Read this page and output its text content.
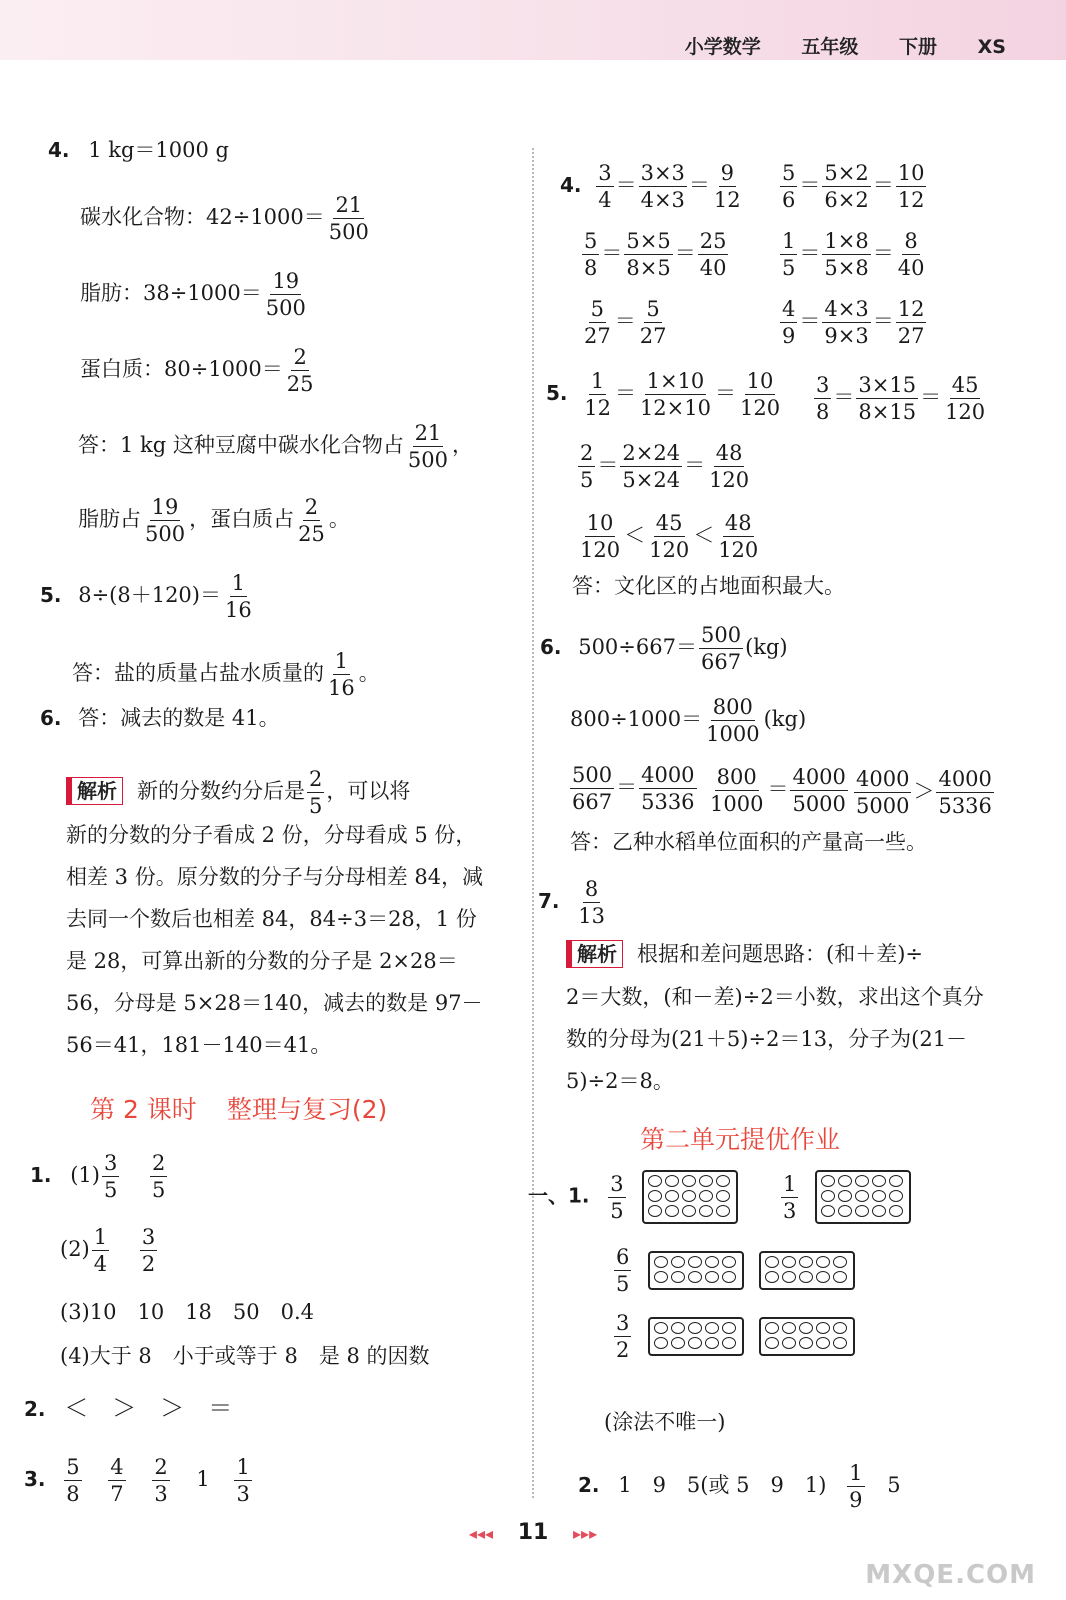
小学数学 五年级 下册 XS
4. 1 kg＝1000 g
碳水化合物：$42\div 1000= \frac{21}{500}$
脂肪：$38\div 1000= \frac{19}{500}$
蛋白质：$80\div 1000= \frac{2}{25}$
答：1 kg 这种豆腐中碳水化合物占 $\frac{21}{500}$ ，
脂肪占 $\frac{19}{500}$ ，蛋白质占 $\frac{2}{25}$ 。
5. $8\div(8+120)= \frac{1}{16}$
答：盐的质量占盐水质量的 $\frac{1}{16}$ 。
6. 答：减去的数是 41。
解析 新的分数约分后是 $\frac{2}{5}$ ，可以将
新的分数的分子看成 2 份，分母看成 5 份，相差 3 份。原分数的分子与分母相差 84，减去同一个数后也相差 84，84÷3＝28，1 份是 28，可算出新的分数的分子是 2×28＝56，分母是 5×28＝140，减去的数是 97－56＝41，181－140＝41。
第 2 课时 整理与复习(2)
1. $(1) \frac{3}{5}$
$\frac{2}{5}$
$(2) \frac{1}{4}$
$\frac{3}{2}$
(3)10　10　18　50　0.4
(4)大于 8　小于或等于 8　是 8 的因数
2. ＜　＞　＞　＝
3. $\frac{5}{8}$
$\frac{4}{7}$
$\frac{2}{3} 1 \frac{1}{3}$
4. $\frac{3}{4} = \frac{3\times 3}{4\times 3} = \frac{9}{12} \frac{5}{6} = \frac{5\times 2}{6\times 2} = \frac{10}{12}$
$\frac{5}{8} = \frac{5\times 5}{8\times 5} = \frac{25}{40} \frac{1}{5} = \frac{1\times 8}{5\times 8} = \frac{8}{40}$
$\frac{5}{27} = \frac{5}{27}$	$\frac{4}{9} = \frac{4\times 3}{9\times 3} = \frac{12}{27}$
5. $\frac{1}{12} = \frac{1\times 10}{12\times 10} = \frac{10}{120} \frac{3}{8} = \frac{3\times 15}{8\times 15} = \frac{45}{120}$
$\frac{2}{5} = \frac{2\times 24}{5\times 24} = \frac{48}{120}$
$\frac{10}{120} < \frac{45}{120} < \frac{48}{120}$
答：文化区的占地面积最大。
6. $500\div 667= \frac{500}{667} (kg)$
$800\div 1000= \frac{800}{1000} (kg)$
$\frac{500}{667} = \frac{4000}{5336} \frac{800}{1000} = \frac{4000}{5000} \frac{4000}{5000} > \frac{4000}{5336}$
答：乙种水稻单位面积的产量高一些。
7. $\frac{8}{13}$
解析 根据和差问题思路：(和＋差)÷
2＝大数，(和－差)÷2＝小数，求出这个真分数的分母为(21＋5)÷2＝13，分子为(21－5)÷2＝8。
第二单元提优作业
一、1. $\frac{3}{5}$

	$\frac{1}{3}$

$\frac{6}{5}$

$\frac{3}{2}$

(涂法不唯一)
2. 1　9　5(或 5　9　$1) \frac{1}{9} 5$
◂◂◂ 11 ▸▸▸
MXQE.COM
